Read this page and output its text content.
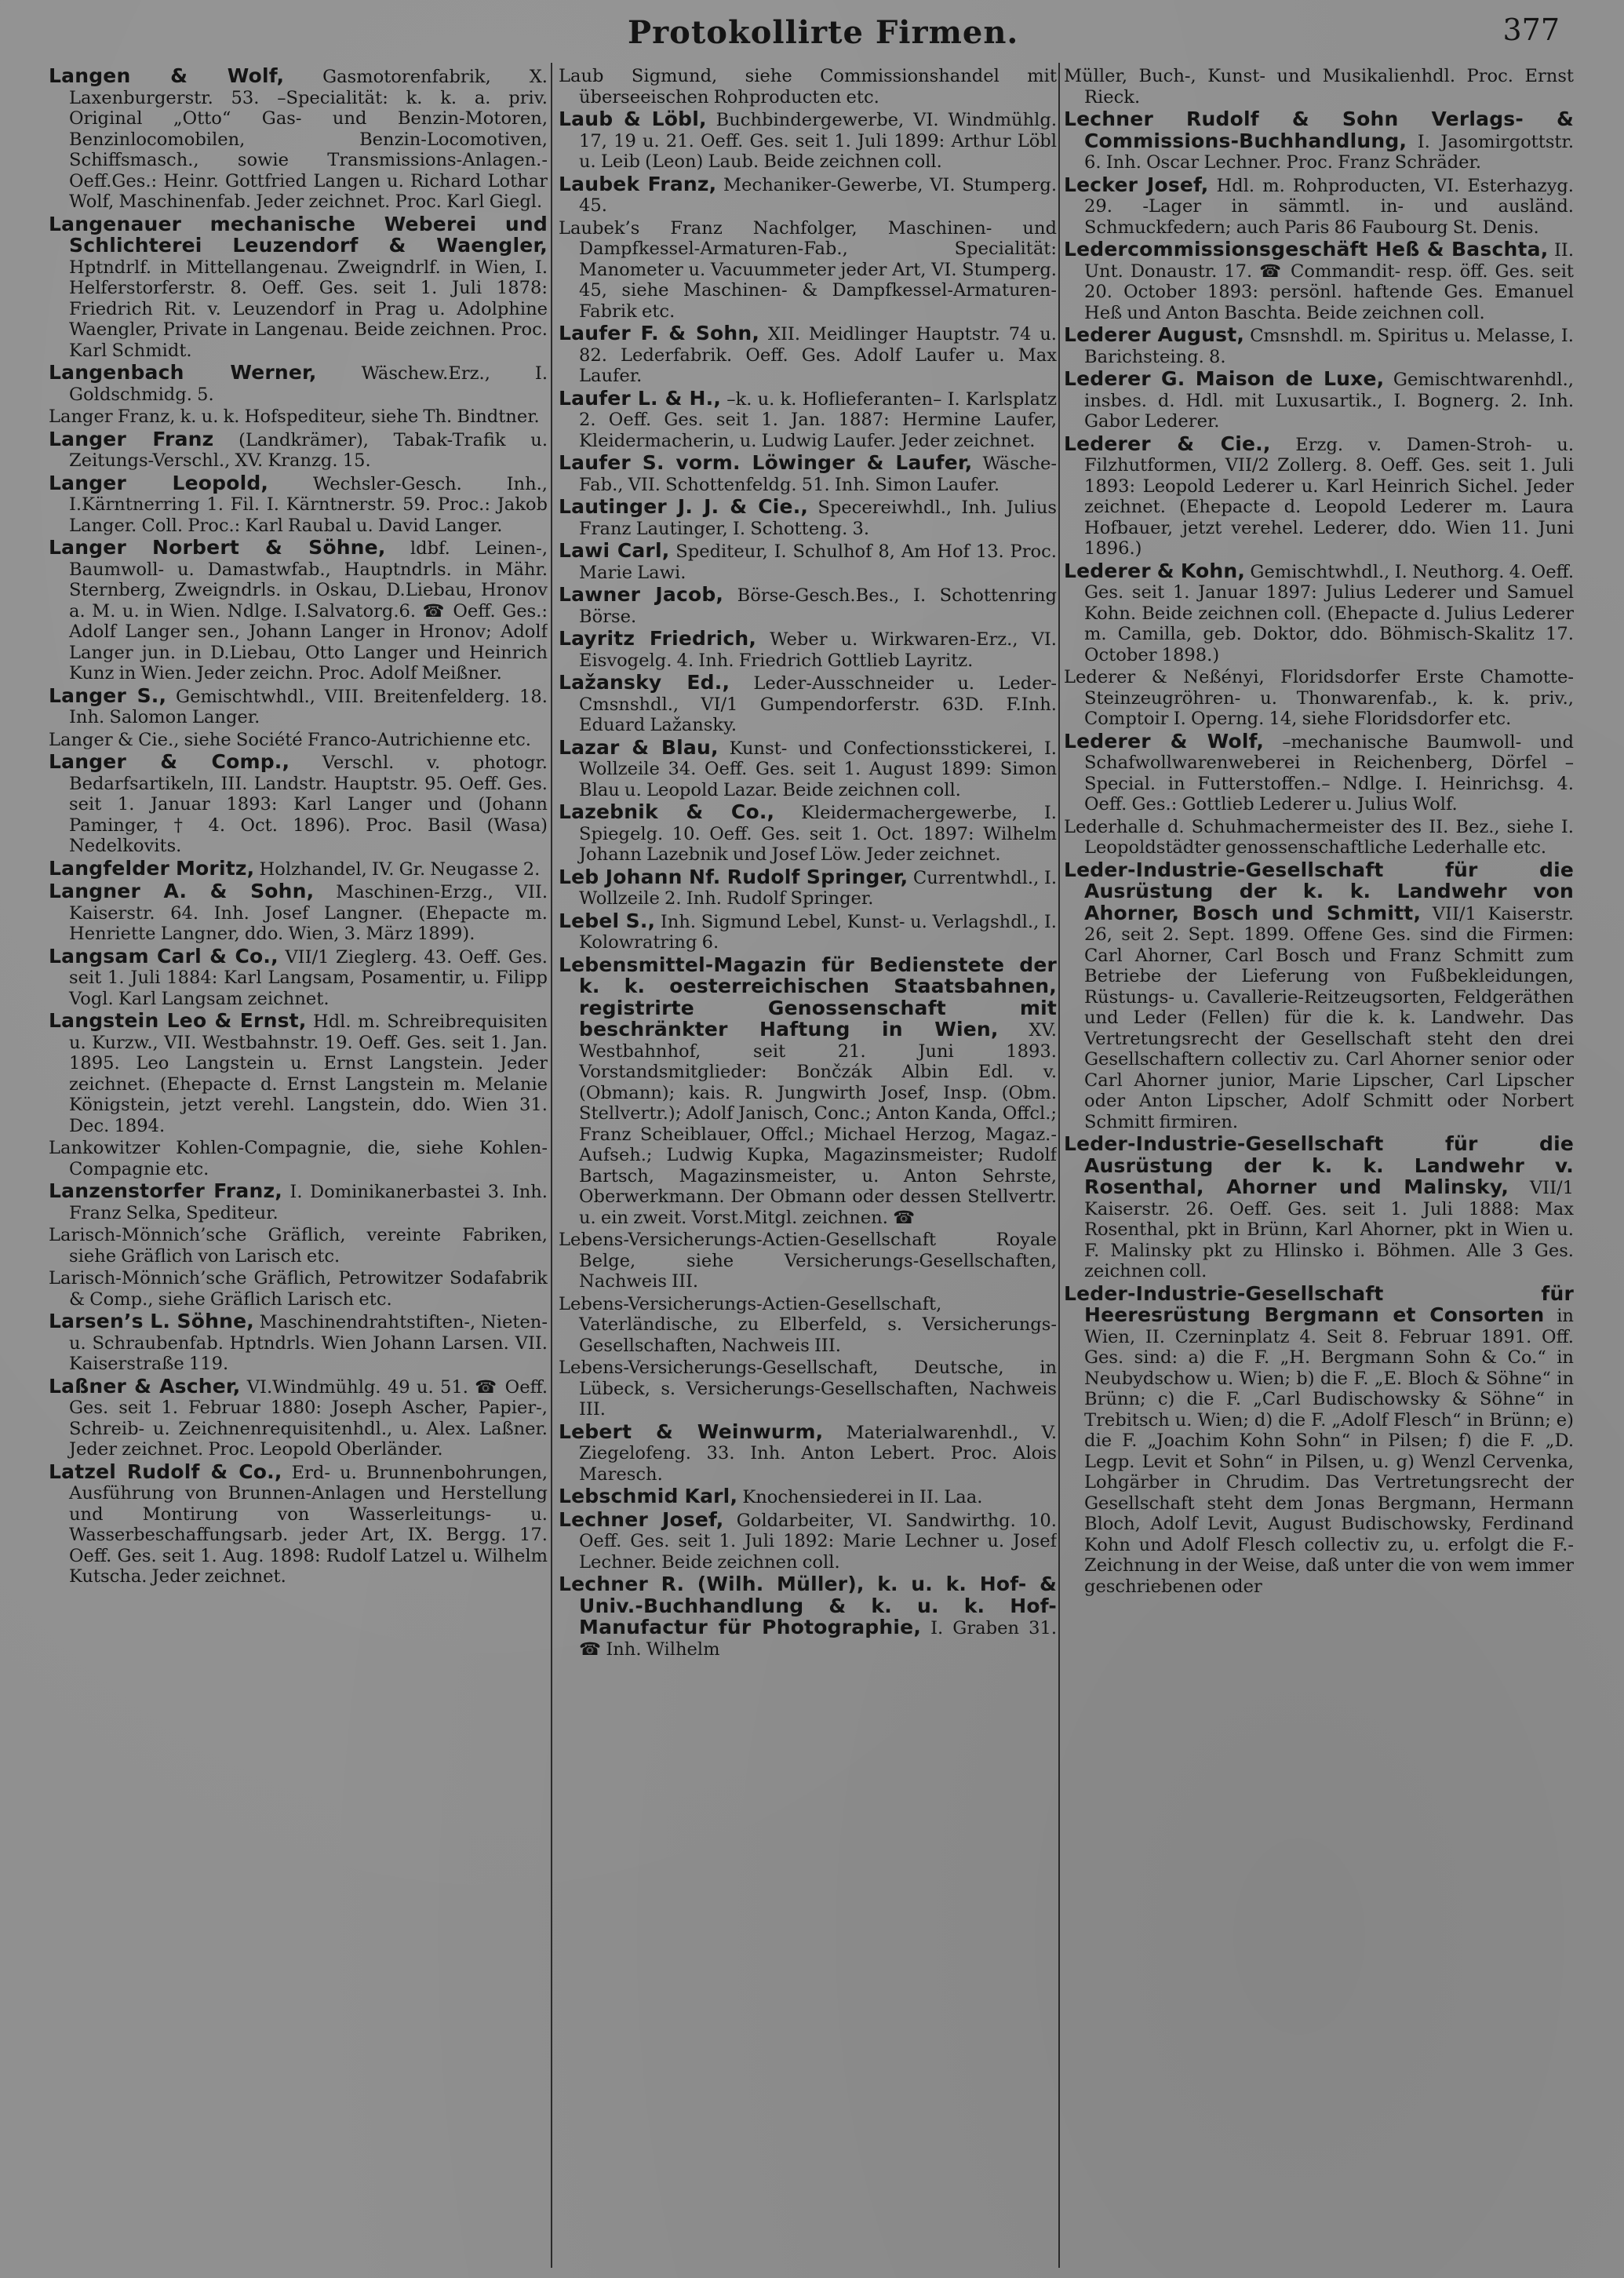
Protokollirte Firmen.	377

Langen & Wolf, Gasmotorenfabrik, X. Laxenburgerstr. 53. –Specialität: k. k. a. priv. Original „Otto“ Gas- und Benzin-Motoren, Benzinlocomobilen, Benzin-Locomotiven, Schiffsmasch., sowie Transmissions-Anlagen.- Oeff.Ges.: Heinr. Gottfried Langen u. Richard Lothar Wolf, Maschinenfab. Jeder zeichnet. Proc. Karl Giegl.

Langenauer mechanische Weberei und Schlichterei Leuzendorf & Waengler, Hptndrlf. in Mittellangenau. Zweigndrlf. in Wien, I. Helferstorferstr. 8. Oeff. Ges. seit 1. Juli 1878: Friedrich Rit. v. Leuzendorf in Prag u. Adolphine Waengler, Private in Langenau. Beide zeichnen. Proc. Karl Schmidt.

Langenbach Werner, Wäschew.Erz., I. Goldschmidg. 5.

Langer Franz, k. u. k. Hofspediteur, siehe Th. Bindtner.

Langer Franz (Landkrämer), Tabak-Trafik u. Zeitungs-Verschl., XV. Kranzg. 15.

Langer Leopold, Wechsler-Gesch. Inh., I.Kärntnerring 1. Fil. I. Kärntnerstr. 59. Proc.: Jakob Langer. Coll. Proc.: Karl Raubal u. David Langer.

Langer Norbert & Söhne, ldbf. Leinen-, Baumwoll- u. Damastwfab., Hauptndrls. in Mähr. Sternberg, Zweigndrls. in Oskau, D.Liebau, Hronov a. M. u. in Wien. Ndlge. I.Salvatorg.6. ☎ Oeff. Ges.: Adolf Langer sen., Johann Langer in Hronov; Adolf Langer jun. in D.Liebau, Otto Langer und Heinrich Kunz in Wien. Jeder zeichn. Proc. Adolf Meißner.

Langer S., Gemischtwhdl., VIII. Breitenfelderg. 18. Inh. Salomon Langer.

Langer & Cie., siehe Société Franco-Autrichienne etc.

Langer & Comp., Verschl. v. photogr. Bedarfsartikeln, III. Landstr. Hauptstr. 95. Oeff. Ges. seit 1. Januar 1893: Karl Langer und (Johann Paminger, † 4. Oct. 1896). Proc. Basil (Wasa) Nedelkovits.

Langfelder Moritz, Holzhandel, IV. Gr. Neugasse 2.

Langner A. & Sohn, Maschinen-Erzg., VII. Kaiserstr. 64. Inh. Josef Langner. (Ehepacte m. Henriette Langner, ddo. Wien, 3. März 1899).

Langsam Carl & Co., VII/1 Zieglerg. 43. Oeff. Ges. seit 1. Juli 1884: Karl Langsam, Posamentir, u. Filipp Vogl. Karl Langsam zeichnet.

Langstein Leo & Ernst, Hdl. m. Schreibrequisiten u. Kurzw., VII. Westbahnstr. 19. Oeff. Ges. seit 1. Jan. 1895. Leo Langstein u. Ernst Langstein. Jeder zeichnet. (Ehepacte d. Ernst Langstein m. Melanie Königstein, jetzt verehl. Langstein, ddo. Wien 31. Dec. 1894.

Lankowitzer Kohlen-Compagnie, die, siehe Kohlen-Compagnie etc.

Lanzenstorfer Franz, I. Dominikanerbastei 3. Inh. Franz Selka, Spediteur.

Larisch-Mönnich’sche Gräflich, vereinte Fabriken, siehe Gräflich von Larisch etc.

Larisch-Mönnich’sche Gräflich, Petrowitzer Sodafabrik & Comp., siehe Gräflich Larisch etc.

Larsen’s L. Söhne, Maschinendrahtstiften-, Nieten- u. Schraubenfab. Hptndrls. Wien Johann Larsen. VII. Kaiserstraße 119.

Laßner & Ascher, VI.Windmühlg. 49 u. 51. ☎ Oeff. Ges. seit 1. Februar 1880: Joseph Ascher, Papier-, Schreib- u. Zeichnenrequisitenhdl., u. Alex. Laßner. Jeder zeichnet. Proc. Leopold Oberländer.

Latzel Rudolf & Co., Erd- u. Brunnenbohrungen, Ausführung von Brunnen-Anlagen und Herstellung und Montirung von Wasserleitungs- u. Wasserbeschaffungsarb. jeder Art, IX. Bergg. 17. Oeff. Ges. seit 1. Aug. 1898: Rudolf Latzel u. Wilhelm Kutscha. Jeder zeichnet.

Laub Sigmund, siehe Commissionshandel mit überseeischen Rohproducten etc.

Laub & Löbl, Buchbindergewerbe, VI. Windmühlg. 17, 19 u. 21. Oeff. Ges. seit 1. Juli 1899: Arthur Löbl u. Leib (Leon) Laub. Beide zeichnen coll.

Laubek Franz, Mechaniker-Gewerbe, VI. Stumperg. 45.

Laubek’s Franz Nachfolger, Maschinen- und Dampfkessel-Armaturen-Fab., Specialität: Manometer u. Vacuummeter jeder Art, VI. Stumperg. 45, siehe Maschinen- & Dampfkessel-Armaturen-Fabrik etc.

Laufer F. & Sohn, XII. Meidlinger Hauptstr. 74 u. 82. Lederfabrik. Oeff. Ges. Adolf Laufer u. Max Laufer.

Laufer L. & H., –k. u. k. Hoflieferanten– I. Karlsplatz 2. Oeff. Ges. seit 1. Jan. 1887: Hermine Laufer, Kleidermacherin, u. Ludwig Laufer. Jeder zeichnet.

Laufer S. vorm. Löwinger & Laufer, Wäsche-Fab., VII. Schottenfeldg. 51. Inh. Simon Laufer.

Lautinger J. J. & Cie., Specereiwhdl., Inh. Julius Franz Lautinger, I. Schotteng. 3.

Lawi Carl, Spediteur, I. Schulhof 8, Am Hof 13. Proc. Marie Lawi.

Lawner Jacob, Börse-Gesch.Bes., I. Schottenring Börse.

Layritz Friedrich, Weber u. Wirkwaren-Erz., VI. Eisvogelg. 4. Inh. Friedrich Gottlieb Layritz.

Lažansky Ed., Leder-Ausschneider u. Leder-Cmsnshdl., VI/1 Gumpendorferstr. 63D. F.Inh. Eduard Lažansky.

Lazar & Blau, Kunst- und Confectionsstickerei, I. Wollzeile 34. Oeff. Ges. seit 1. August 1899: Simon Blau u. Leopold Lazar. Beide zeichnen coll.

Lazebnik & Co., Kleidermachergewerbe, I. Spiegelg. 10. Oeff. Ges. seit 1. Oct. 1897: Wilhelm Johann Lazebnik und Josef Löw. Jeder zeichnet.

Leb Johann Nf. Rudolf Springer, Currentwhdl., I. Wollzeile 2. Inh. Rudolf Springer.

Lebel S., Inh. Sigmund Lebel, Kunst- u. Verlagshdl., I. Kolowratring 6.

Lebensmittel-Magazin für Bedienstete der k. k. oesterreichischen Staatsbahnen, registrirte Genossenschaft mit beschränkter Haftung in Wien, XV. Westbahnhof, seit 21. Juni 1893. Vorstandsmitglieder: Bončzák Albin Edl. v. (Obmann); kais. R. Jungwirth Josef, Insp. (Obm. Stellvertr.); Adolf Janisch, Conc.; Anton Kanda, Offcl.; Franz Scheiblauer, Offcl.; Michael Herzog, Magaz.-Aufseh.; Ludwig Kupka, Magazinsmeister; Rudolf Bartsch, Magazinsmeister, u. Anton Sehrste, Oberwerkmann. Der Obmann oder dessen Stellvertr. u. ein zweit. Vorst.Mitgl. zeichnen. ☎

Lebens-Versicherungs-Actien-Gesellschaft Royale Belge, siehe Versicherungs-Gesellschaften, Nachweis III.

Lebens-Versicherungs-Actien-Gesellschaft, Vaterländische, zu Elberfeld, s. Versicherungs-Gesellschaften, Nachweis III.

Lebens-Versicherungs-Gesellschaft, Deutsche, in Lübeck, s. Versicherungs-Gesellschaften, Nachweis III.

Lebert & Weinwurm, Materialwarenhdl., V. Ziegelofeng. 33. Inh. Anton Lebert. Proc. Alois Maresch.

Lebschmid Karl, Knochensiederei in II. Laa.

Lechner Josef, Goldarbeiter, VI. Sandwirthg. 10. Oeff. Ges. seit 1. Juli 1892: Marie Lechner u. Josef Lechner. Beide zeichnen coll.

Lechner R. (Wilh. Müller), k. u. k. Hof- & Univ.-Buchhandlung & k. u. k. Hof-Manufactur für Photographie, I. Graben 31. ☎ Inh. Wilhelm

Müller, Buch-, Kunst- und Musikalienhdl. Proc. Ernst Rieck.

Lechner Rudolf & Sohn Verlags- & Commissions-Buchhandlung, I. Jasomirgottstr. 6. Inh. Oscar Lechner. Proc. Franz Schräder.

Lecker Josef, Hdl. m. Rohproducten, VI. Esterhazyg. 29. -Lager in sämmtl. in- und ausländ. Schmuckfedern; auch Paris 86 Faubourg St. Denis.

Ledercommissionsgeschäft Heß & Baschta, II. Unt. Donaustr. 17. ☎ Commandit- resp. öff. Ges. seit 20. October 1893: persönl. haftende Ges. Emanuel Heß und Anton Baschta. Beide zeichnen coll.

Lederer August, Cmsnshdl. m. Spiritus u. Melasse, I. Barichsteing. 8.

Lederer G. Maison de Luxe, Gemischtwarenhdl., insbes. d. Hdl. mit Luxusartik., I. Bognerg. 2. Inh. Gabor Lederer.

Lederer & Cie., Erzg. v. Damen-Stroh- u. Filzhutformen, VII/2 Zollerg. 8. Oeff. Ges. seit 1. Juli 1893: Leopold Lederer u. Karl Heinrich Sichel. Jeder zeichnet. (Ehepacte d. Leopold Lederer m. Laura Hofbauer, jetzt verehel. Lederer, ddo. Wien 11. Juni 1896.)

Lederer & Kohn, Gemischtwhdl., I. Neuthorg. 4. Oeff. Ges. seit 1. Januar 1897: Julius Lederer und Samuel Kohn. Beide zeichnen coll. (Ehepacte d. Julius Lederer m. Camilla, geb. Doktor, ddo. Böhmisch-Skalitz 17. October 1898.)

Lederer & Neßényi, Floridsdorfer Erste Chamotte-Steinzeugröhren- u. Thonwarenfab., k. k. priv., Comptoir I. Operng. 14, siehe Floridsdorfer etc.

Lederer & Wolf, –mechanische Baumwoll- und Schafwollwarenweberei in Reichenberg, Dörfel – Special. in Futterstoffen.– Ndlge. I. Heinrichsg. 4. Oeff. Ges.: Gottlieb Lederer u. Julius Wolf.

Lederhalle d. Schuhmachermeister des II. Bez., siehe I. Leopoldstädter genossenschaftliche Lederhalle etc.

Leder-Industrie-Gesellschaft für die Ausrüstung der k. k. Landwehr von Ahorner, Bosch und Schmitt, VII/1 Kaiserstr. 26, seit 2. Sept. 1899. Offene Ges. sind die Firmen: Carl Ahorner, Carl Bosch und Franz Schmitt zum Betriebe der Lieferung von Fußbekleidungen, Rüstungs- u. Cavallerie-Reitzeugsorten, Feldgeräthen und Leder (Fellen) für die k. k. Landwehr. Das Vertretungsrecht der Gesellschaft steht den drei Gesellschaftern collectiv zu. Carl Ahorner senior oder Carl Ahorner junior, Marie Lipscher, Carl Lipscher oder Anton Lipscher, Adolf Schmitt oder Norbert Schmitt firmiren.

Leder-Industrie-Gesellschaft für die Ausrüstung der k. k. Landwehr v. Rosenthal, Ahorner und Malinsky, VII/1 Kaiserstr. 26. Oeff. Ges. seit 1. Juli 1888: Max Rosenthal, pkt in Brünn, Karl Ahorner, pkt in Wien u. F. Malinsky pkt zu Hlinsko i. Böhmen. Alle 3 Ges. zeichnen coll.

Leder-Industrie-Gesellschaft für Heeresrüstung Bergmann et Consorten in Wien, II. Czerninplatz 4. Seit 8. Februar 1891. Off. Ges. sind: a) die F. „H. Bergmann Sohn & Co.“ in Neubydschow u. Wien; b) die F. „E. Bloch & Söhne“ in Brünn; c) die F. „Carl Budischowsky & Söhne“ in Trebitsch u. Wien; d) die F. „Adolf Flesch“ in Brünn; e) die F. „Joachim Kohn Sohn“ in Pilsen; f) die F. „D. Legp. Levit et Sohn“ in Pilsen, u. g) Wenzl Cervenka, Lohgärber in Chrudim. Das Vertretungsrecht der Gesellschaft steht dem Jonas Bergmann, Hermann Bloch, Adolf Levit, August Budischowsky, Ferdinand Kohn und Adolf Flesch collectiv zu, u. erfolgt die F.-Zeichnung in der Weise, daß unter die von wem immer geschriebenen oder
